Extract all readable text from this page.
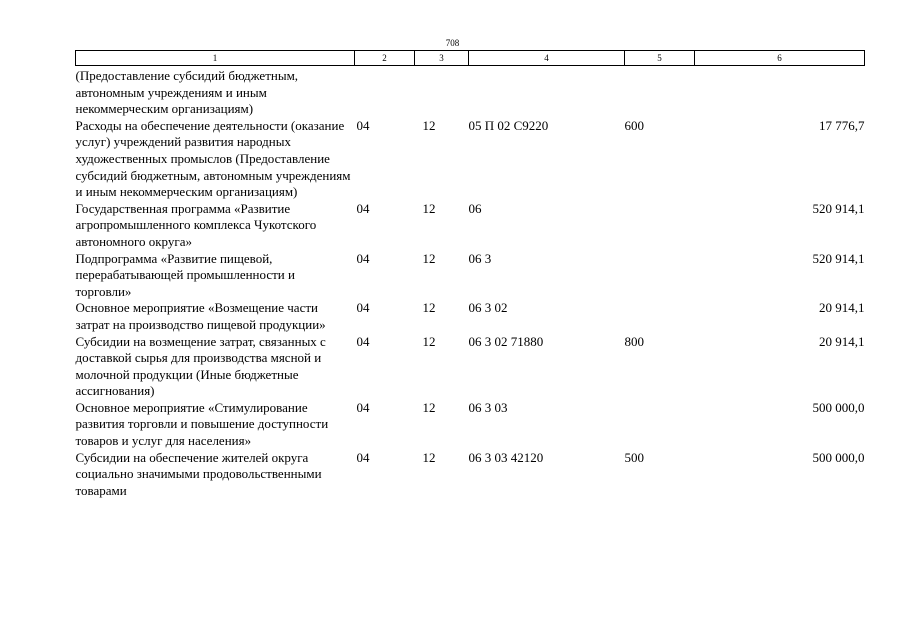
708
1	2	3	4	5	6
(Предоставление субсидий бюджетным, автономным учреждениям и иным некоммерческим организациям)					
Расходы на обеспечение деятельности (оказание услуг) учреждений развития народных художественных промыслов (Предоставление субсидий бюджетным, автономным учреждениям и иным некоммерческим организациям)	04	12	05 П 02 С9220	600	17 776,7
Государственная программа «Развитие агропромышленного комплекса Чукотского автономного округа»	04	12	06		520 914,1
Подпрограмма «Развитие пищевой, перерабатывающей промышленности и торговли»	04	12	06 3		520 914,1
Основное мероприятие «Возмещение части затрат на производство пищевой продукции»	04	12	06 3 02		20 914,1
Субсидии на возмещение затрат, связанных с доставкой сырья для производства мясной и молочной продукции (Иные бюджетные ассигнования)	04	12	06 3 02 71880	800	20 914,1
Основное мероприятие «Стимулирование развития торговли и повышение доступности товаров и услуг для населения»	04	12	06 3 03		500 000,0
Субсидии на обеспечение жителей округа социально значимыми продовольственными товарами	04	12	06 3 03 42120	500	500 000,0
